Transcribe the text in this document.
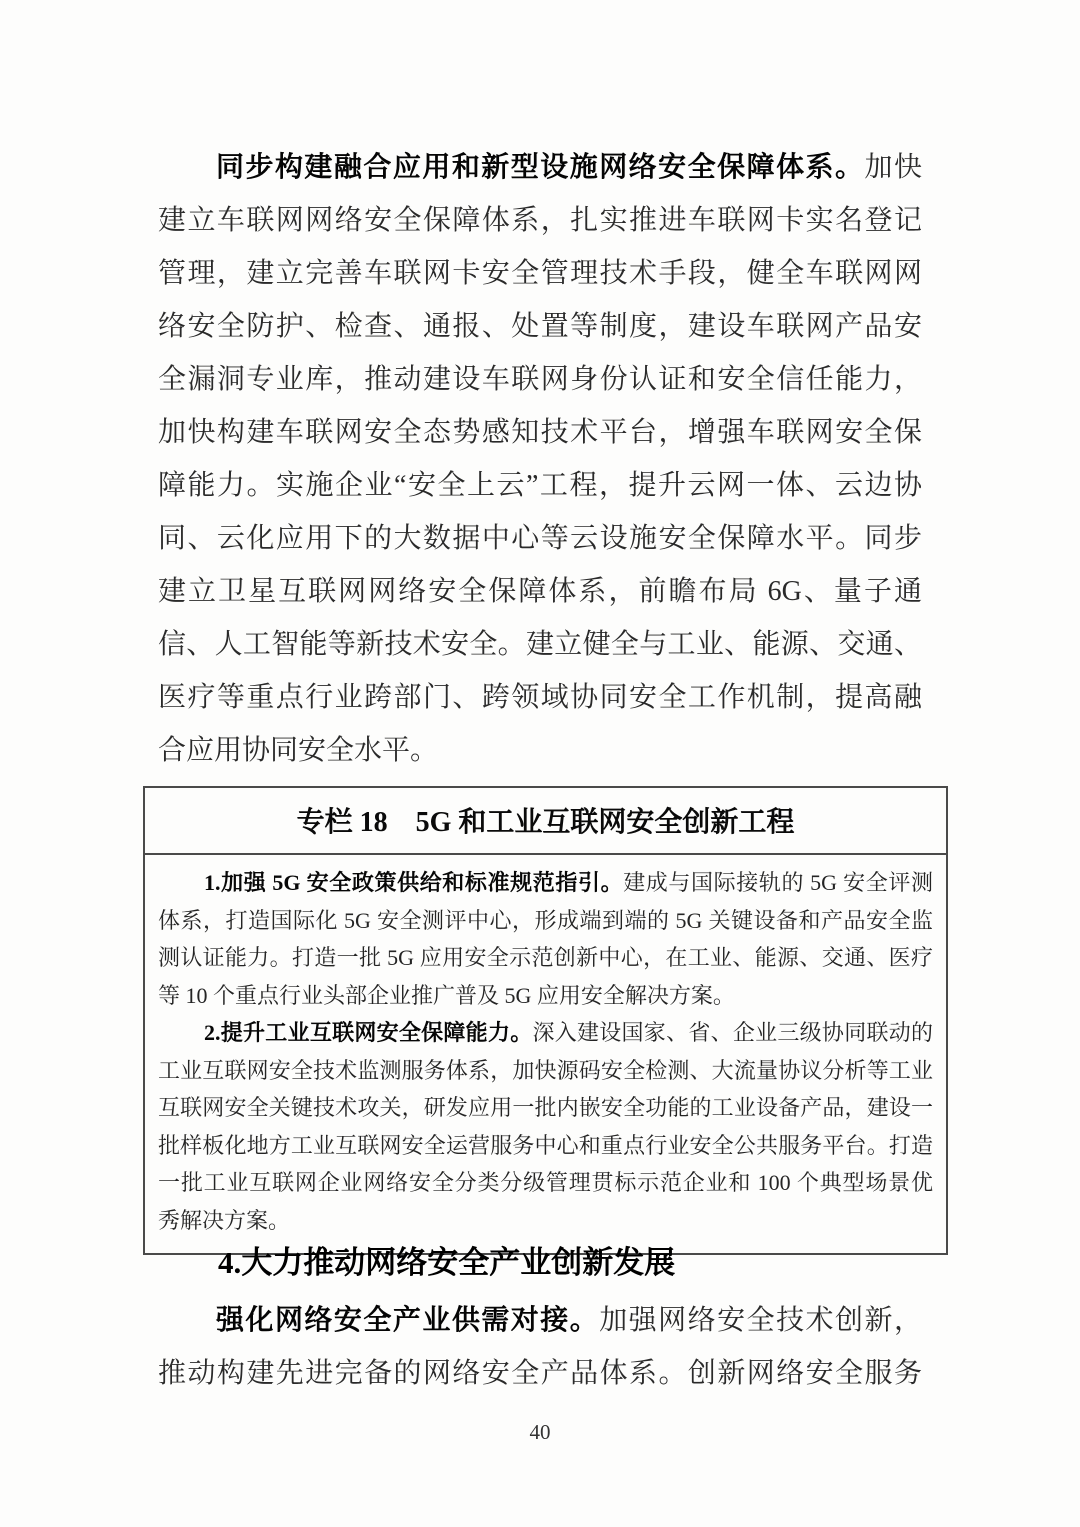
同步构建融合应用和新型设施网络安全保障体系。加快
建立车联网网络安全保障体系，扎实推进车联网卡实名登记
管理，建立完善车联网卡安全管理技术手段，健全车联网网
络安全防护、检查、通报、处置等制度，建设车联网产品安
全漏洞专业库，推动建设车联网身份认证和安全信任能力，
加快构建车联网安全态势感知技术平台，增强车联网安全保
障能力。实施企业“安全上云”工程，提升云网一体、云边协
同、云化应用下的大数据中心等云设施安全保障水平。同步
建立卫星互联网网络安全保障体系，前瞻布局 6G、量子通
信、人工智能等新技术安全。建立健全与工业、能源、交通、
医疗等重点行业跨部门、跨领域协同安全工作机制，提高融
合应用协同安全水平。
专栏 18　5G 和工业互联网安全创新工程
1.加强 5G 安全政策供给和标准规范指引。建成与国际接轨的 5G 安全评测
体系，打造国际化 5G 安全测评中心，形成端到端的 5G 关键设备和产品安全监
测认证能力。打造一批 5G 应用安全示范创新中心，在工业、能源、交通、医疗
等 10 个重点行业头部企业推广普及 5G 应用安全解决方案。
2.提升工业互联网安全保障能力。深入建设国家、省、企业三级协同联动的
工业互联网安全技术监测服务体系，加快源码安全检测、大流量协议分析等工业
互联网安全关键技术攻关，研发应用一批内嵌安全功能的工业设备产品，建设一
批样板化地方工业互联网安全运营服务中心和重点行业安全公共服务平台。打造
一批工业互联网企业网络安全分类分级管理贯标示范企业和 100 个典型场景优
秀解决方案。
4.大力推动网络安全产业创新发展
强化网络安全产业供需对接。加强网络安全技术创新，
推动构建先进完备的网络安全产品体系。创新网络安全服务
40
